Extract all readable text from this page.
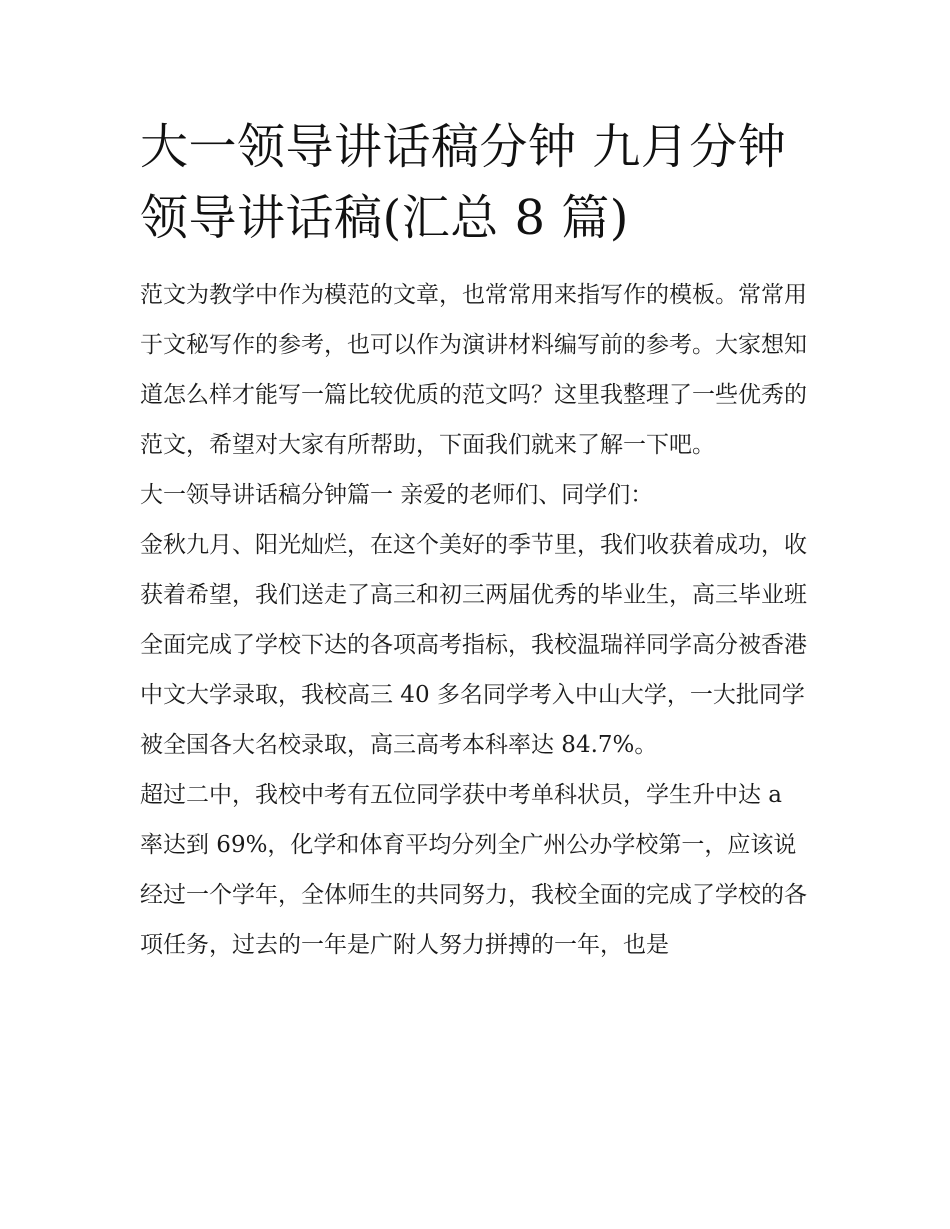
大一领导讲话稿分钟 九月分钟领导讲话稿(汇总 8 篇)

范文为教学中作为模范的文章，也常常用来指写作的模板。常常用于文秘写作的参考，也可以作为演讲材料编写前的参考。大家想知道怎么样才能写一篇比较优质的范文吗？这里我整理了一些优秀的范文，希望对大家有所帮助，下面我们就来了解一下吧。

大一领导讲话稿分钟篇一 亲爱的老师们、同学们：

金秋九月、阳光灿烂，在这个美好的季节里，我们收获着成功，收获着希望，我们送走了高三和初三两届优秀的毕业生，高三毕业班全面完成了学校下达的各项高考指标，我校温瑞祥同学高分被香港中文大学录取，我校高三 40 多名同学考入中山大学，一大批同学被全国各大名校录取，高三高考本科率达 84.7%。

超过二中，我校中考有五位同学获中考单科状员，学生升中达 a 率达到 69%，化学和体育平均分列全广州公办学校第一，应该说经过一个学年，全体师生的共同努力，我校全面的完成了学校的各项任务，过去的一年是广附人努力拼搏的一年，也是
